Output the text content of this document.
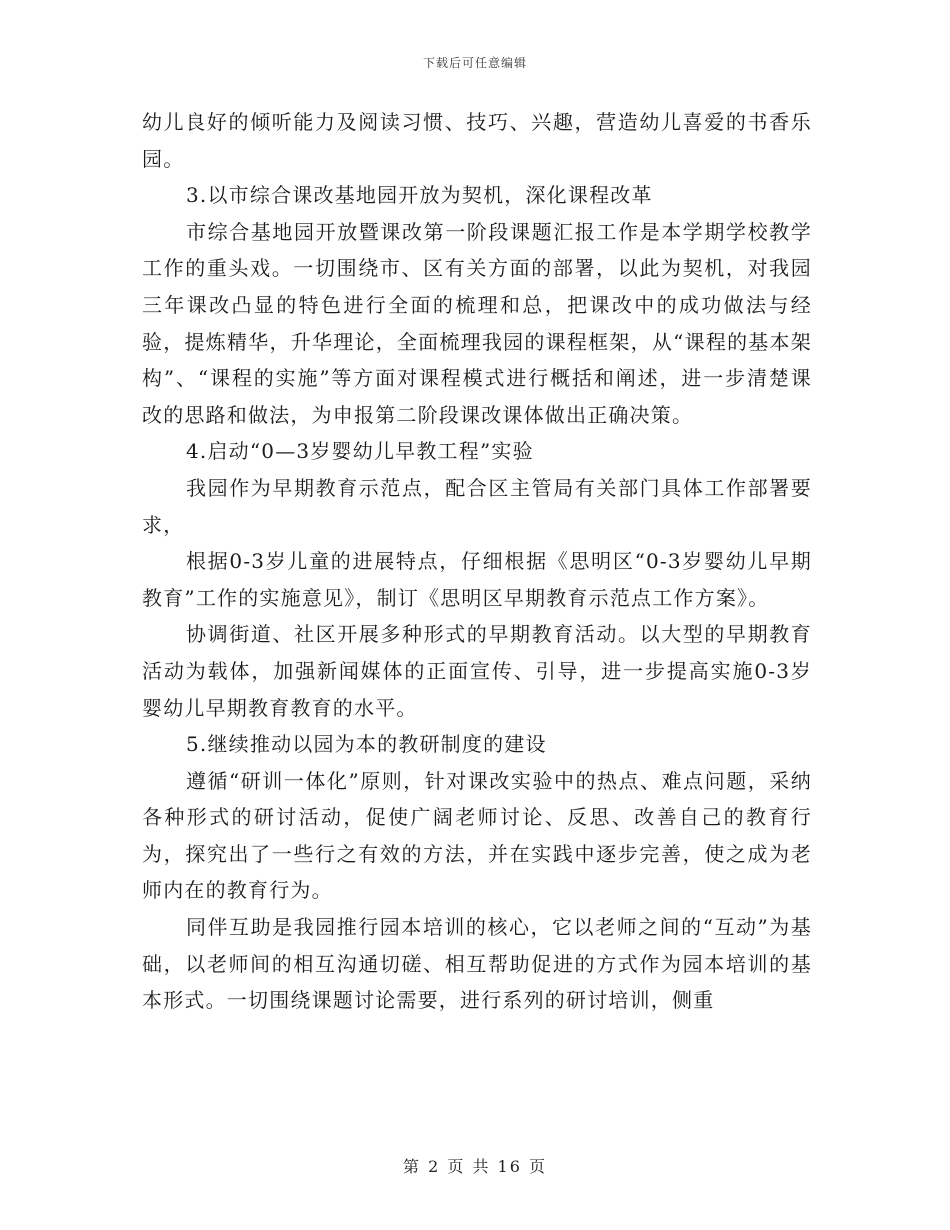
下载后可任意编辑

幼儿良好的倾听能力及阅读习惯、技巧、兴趣，营造幼儿喜爱的书香乐园。

3.以市综合课改基地园开放为契机，深化课程改革

市综合基地园开放暨课改第一阶段课题汇报工作是本学期学校教学工作的重头戏。一切围绕市、区有关方面的部署，以此为契机，对我园三年课改凸显的特色进行全面的梳理和总，把课改中的成功做法与经验，提炼精华，升华理论，全面梳理我园的课程框架，从“课程的基本架构”、“课程的实施”等方面对课程模式进行概括和阐述，进一步清楚课改的思路和做法，为申报第二阶段课改课体做出正确决策。

4.启动“0—3岁婴幼儿早教工程”实验

我园作为早期教育示范点，配合区主管局有关部门具体工作部署要求，

根据0-3岁儿童的进展特点，仔细根据《思明区“0-3岁婴幼儿早期教育”工作的实施意见》，制订《思明区早期教育示范点工作方案》。

协调街道、社区开展多种形式的早期教育活动。以大型的早期教育活动为载体，加强新闻媒体的正面宣传、引导，进一步提高实施0-3岁婴幼儿早期教育教育的水平。

5.继续推动以园为本的教研制度的建设

遵循“研训一体化”原则，针对课改实验中的热点、难点问题，采纳各种形式的研讨活动，促使广阔老师讨论、反思、改善自己的教育行为，探究出了一些行之有效的方法，并在实践中逐步完善，使之成为老师内在的教育行为。

同伴互助是我园推行园本培训的核心，它以老师之间的“互动”为基础，以老师间的相互沟通切磋、相互帮助促进的方式作为园本培训的基本形式。一切围绕课题讨论需要，进行系列的研讨培训，侧重

第 2 页 共 16 页
